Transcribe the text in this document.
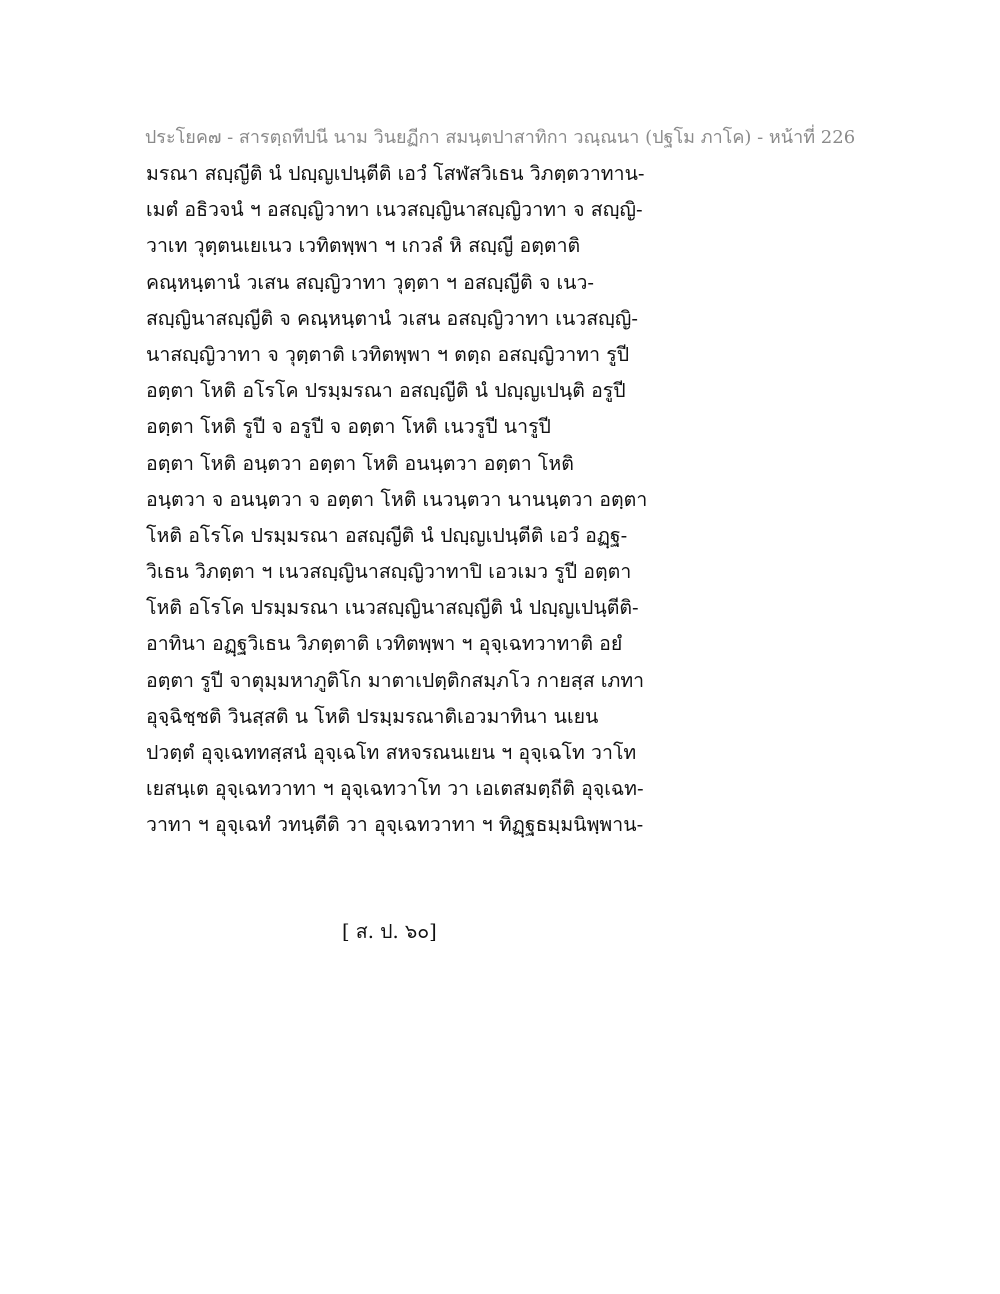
ประโยค๗ - สารตฺถทีปนี นาม วินยฏีกา สมนฺตปาสาทิกา วณฺณนา (ปฐโม ภาโค) - หน้าที่ 226
มรณา สญฺญีติ นํ ปญฺญเปนฺตีติ เอวํ โสฬสวิเธน วิภตฺตวาทาน-
เมตํ อธิวจนํ ฯ อสญฺญิวาทา เนวสญฺญินาสญฺญิวาทา จ สญฺญิ-
วาเท วุตฺตนเยเนว เวทิตพฺพา ฯ เกวลํ หิ สญฺญี อตฺตาติ
คณฺหนฺตานํ วเสน สญฺญิวาทา วุตฺตา ฯ อสญฺญีติ จ เนว-
สญฺญินาสญฺญีติ จ คณฺหนฺตานํ วเสน อสญฺญิวาทา เนวสญฺญิ-
นาสญฺญิวาทา จ วุตฺตาติ เวทิตพฺพา ฯ ตตฺถ อสญฺญิวาทา รูปี
อตฺตา โหติ อโรโค ปรมฺมรณา อสญฺญีติ นํ ปญฺญเปนฺติ อรูปี
อตฺตา โหติ รูปี จ อรูปี จ อตฺตา โหติ เนวรูปี นารูปี
อตฺตา โหติ อนฺตวา อตฺตา โหติ อนนฺตวา อตฺตา โหติ
อนฺตวา จ อนนฺตวา จ อตฺตา โหติ เนวนฺตวา นานนฺตวา อตฺตา
โหติ อโรโค ปรมฺมรณา อสญฺญีติ นํ ปญฺญเปนฺตีติ เอวํ อฏฺฐ-
วิเธน วิภตฺตา ฯ เนวสญฺญินาสญฺญิวาทาปิ เอวเมว รูปี อตฺตา
โหติ อโรโค ปรมฺมรณา เนวสญฺญินาสญฺญีติ นํ ปญฺญเปนฺตีติ-
อาทินา อฏฺฐวิเธน วิภตฺตาติ เวทิตพฺพา ฯ อุจฺเฉทวาทาติ อยํ
อตฺตา รูปี จาตุมฺมหาภูติโก มาตาเปตฺติกสมฺภโว กายสฺส เภทา
อุจฺฉิชฺชติ วินสฺสติ น โหติ ปรมฺมรณาติเอวมาทินา นเยน
ปวตฺตํ อุจฺเฉททสฺสนํ อุจฺเฉโท สหจรณนเยน ฯ อุจฺเฉโท วาโท
เยสนฺเต อุจฺเฉทวาทา ฯ อุจฺเฉทวาโท วา เอเตสมตฺถีติ อุจฺเฉท-
วาทา ฯ อุจฺเฉทํ วทนฺตีติ วา อุจฺเฉทวาทา ฯ ทิฏฺฐธมฺมนิพฺพาน-
[ ส. ป. ๖๐]
